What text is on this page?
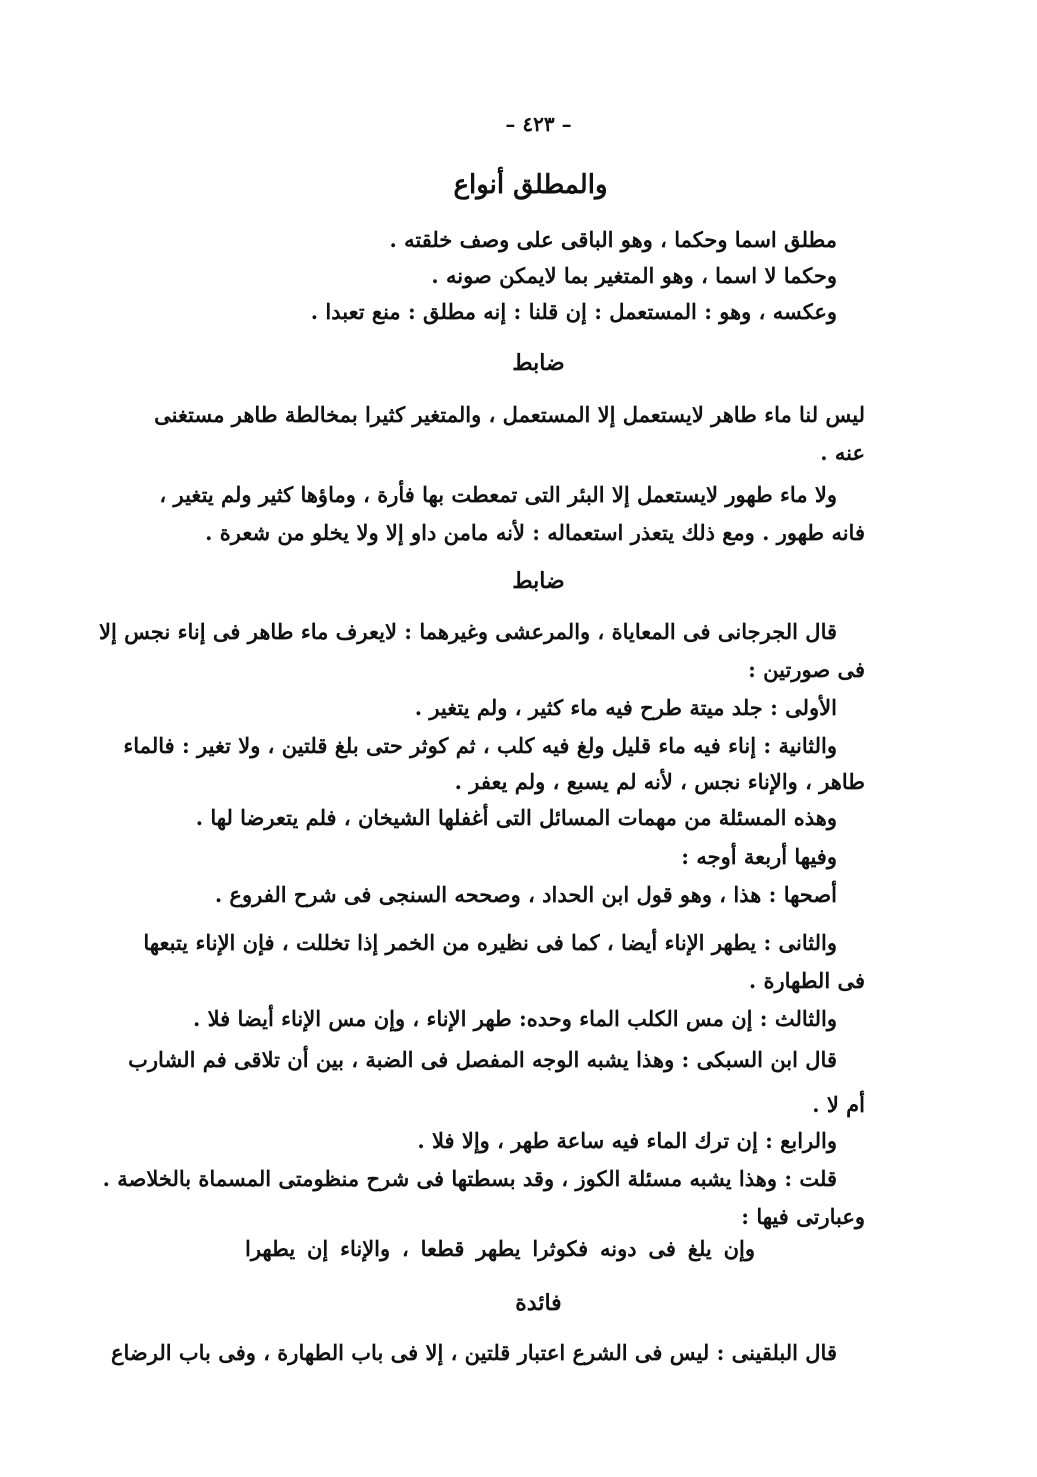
– ٤٢٣ –
والمطلق أنواع
مطلق اسما وحكما ، وهو الباقى على وصف خلقته .
وحكما لا اسما ، وهو المتغير بما لايمكن صونه .
وعكسه ، وهو : المستعمل : إن قلنا : إنه مطلق : منع تعبدا .
ضابط
ليس لنا ماء طاهر لايستعمل إلا المستعمل ، والمتغير كثيرا بمخالطة طاهر مستغنى
عنه .
ولا ماء طهور لايستعمل إلا البئر التى تمعطت بها فأرة ، وماؤها كثير ولم يتغير ،
فانه طهور . ومع ذلك يتعذر استعماله : لأنه مامن داو إلا ولا يخلو من شعرة .
ضابط
قال الجرجانى فى المعاياة ، والمرعشى وغيرهما : لايعرف ماء طاهر فى إناء نجس إلا
فى صورتين :
الأولى : جلد ميتة طرح فيه ماء كثير ، ولم يتغير .
والثانية : إناء فيه ماء قليل ولغ فيه كلب ، ثم كوثر حتى بلغ قلتين ، ولا تغير : فالماء
طاهر ، والإناء نجس ، لأنه لم يسبع ، ولم يعفر .
وهذه المسئلة من مهمات المسائل التى أغفلها الشيخان ، فلم يتعرضا لها .
وفيها أربعة أوجه :
أصحها : هذا ، وهو قول ابن الحداد ، وصححه السنجى فى شرح الفروع .
والثانى : يطهر الإناء أيضا ، كما فى نظيره من الخمر إذا تخللت ، فإن الإناء يتبعها
فى الطهارة .
والثالث : إن مس الكلب الماء وحده: طهر الإناء ، وإن مس الإناء أيضا فلا .
قال ابن السبكى : وهذا يشبه الوجه المفصل فى الضبة ، بين أن تلاقى فم الشارب
أم لا .
والرابع : إن ترك الماء فيه ساعة طهر ، وإلا فلا .
قلت : وهذا يشبه مسئلة الكوز ، وقد بسطتها فى شرح منظومتى المسماة بالخلاصة .
وعبارتى فيها :
وإن يلغ فى دونه فكوثرا يطهر قطعا ، والإناء إن يطهرا
فائدة
قال البلقينى : ليس فى الشرع اعتبار قلتين ، إلا فى باب الطهارة ، وفى باب الرضاع
